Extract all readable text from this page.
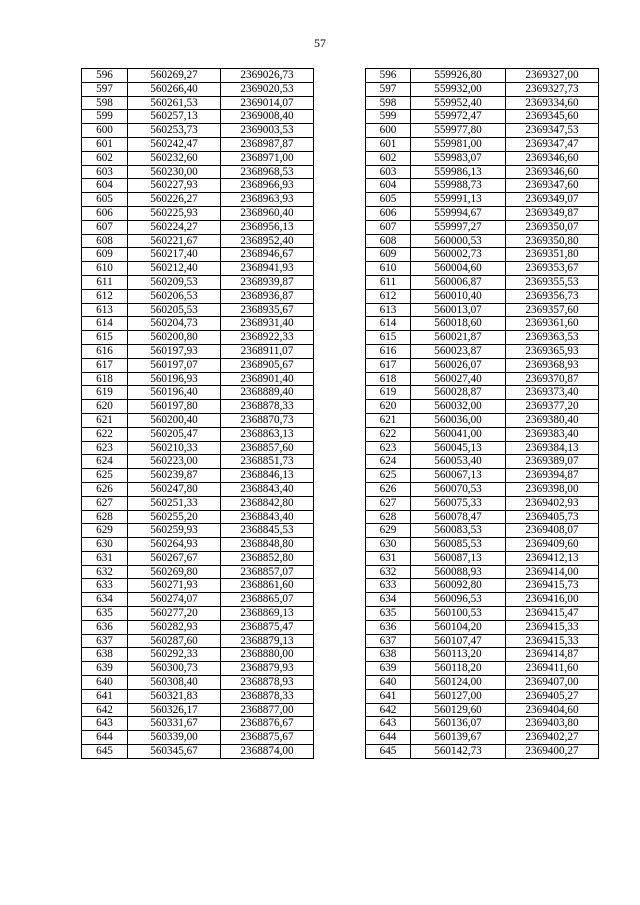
57
596	560269,27	2369026,73		596	559926,80	2369327,00
597	560266,40	2369020,53		597	559932,00	2369327,73
598	560261,53	2369014,07		598	559952,40	2369334,60
599	560257,13	2369008,40		599	559972,47	2369345,60
600	560253,73	2369003,53		600	559977,80	2369347,53
601	560242,47	2368987,87		601	559981,00	2369347,47
602	560232,60	2368971,00		602	559983,07	2369346,60
603	560230,00	2368968,53		603	559986,13	2369346,60
604	560227,93	2368966,93		604	559988,73	2369347,60
605	560226,27	2368963,93		605	559991,13	2369349,07
606	560225,93	2368960,40		606	559994,67	2369349,87
607	560224,27	2368956,13		607	559997,27	2369350,07
608	560221,67	2368952,40		608	560000,53	2369350,80
609	560217,40	2368946,67		609	560002,73	2369351,80
610	560212,40	2368941,93		610	560004,60	2369353,67
611	560209,53	2368939,87		611	560006,87	2369355,53
612	560206,53	2368936,87		612	560010,40	2369356,73
613	560205,53	2368935,67		613	560013,07	2369357,60
614	560204,73	2368931,40		614	560018,60	2369361,60
615	560200,80	2368922,33		615	560021,87	2369363,53
616	560197,93	2368911,07		616	560023,87	2369365,93
617	560197,07	2368905,67		617	560026,07	2369368,93
618	560196,93	2368901,40		618	560027,40	2369370,87
619	560196,40	2368889,40		619	560028,87	2369373,40
620	560197,80	2368878,33		620	560032,00	2369377,20
621	560200,40	2368870,73		621	560036,00	2369380,40
622	560205,47	2368863,13		622	560041,00	2369383,40
623	560210,33	2368857,60		623	560045,13	2369384,13
624	560223,00	2368851,73		624	560053,40	2369389,07
625	560239,87	2368846,13		625	560067,13	2369394,87
626	560247,80	2368843,40		626	560070,53	2369398,00
627	560251,33	2368842,80		627	560075,33	2369402,93
628	560255,20	2368843,40		628	560078,47	2369405,73
629	560259,93	2368845,53		629	560083,53	2369408,07
630	560264,93	2368848,80		630	560085,53	2369409,60
631	560267,67	2368852,80		631	560087,13	2369412,13
632	560269,80	2368857,07		632	560088,93	2369414,00
633	560271,93	2368861,60		633	560092,80	2369415,73
634	560274,07	2368865,07		634	560096,53	2369416,00
635	560277,20	2368869,13		635	560100,53	2369415,47
636	560282,93	2368875,47		636	560104,20	2369415,33
637	560287,60	2368879,13		637	560107,47	2369415,33
638	560292,33	2368880,00		638	560113,20	2369414,87
639	560300,73	2368879,93		639	560118,20	2369411,60
640	560308,40	2368878,93		640	560124,00	2369407,00
641	560321,83	2368878,33		641	560127,00	2369405,27
642	560326,17	2368877,00		642	560129,60	2369404,60
643	560331,67	2368876,67		643	560136,07	2369403,80
644	560339,00	2368875,67		644	560139,67	2369402,27
645	560345,67	2368874,00		645	560142,73	2369400,27
